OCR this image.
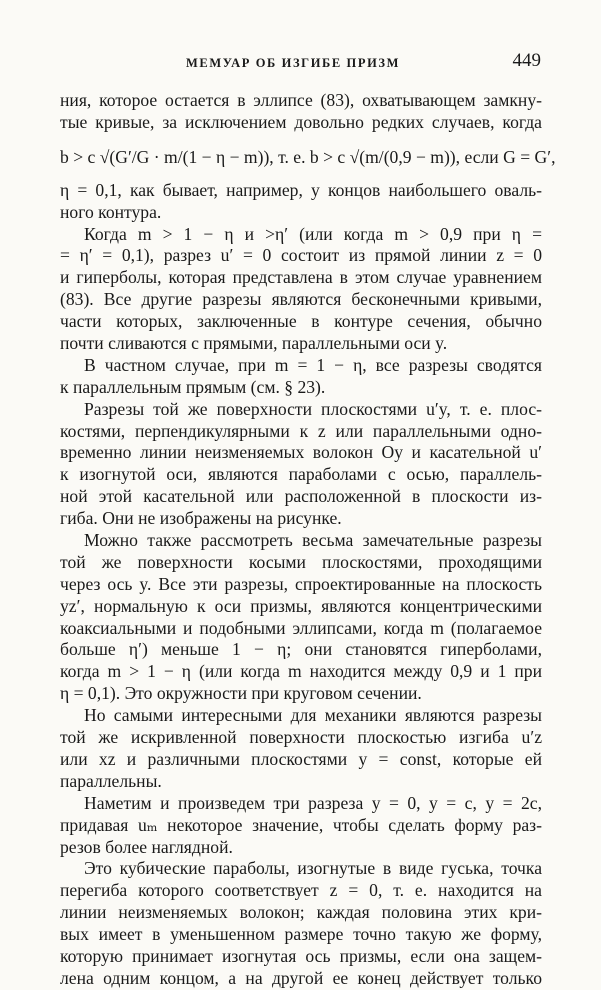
МЕМУАР ОБ ИЗГИБЕ ПРИЗМ	449
ния, которое остается в эллипсе (83), охватывающем замкну-
тые кривые, за исключением довольно редких случаев, когда
b > c √(G′/G · m/(1 − η − m)), т. е. b > c √(m/(0,9 − m)), если G = G′,
η = 0,1, как бывает, например, у концов наибольшего оваль-
ного контура.
Когда m > 1 − η и >η′ (или когда m > 0,9 при η =
= η′ = 0,1), разрез u′ = 0 состоит из прямой линии z = 0
и гиперболы, которая представлена в этом случае уравнением
(83). Все другие разрезы являются бесконечными кривыми,
части которых, заключенные в контуре сечения, обычно
почти сливаются с прямыми, параллельными оси y.
В частном случае, при m = 1 − η, все разрезы сводятся
к параллельным прямым (см. § 23).
Разрезы той же поверхности плоскостями u′y, т. е. плос-
костями, перпендикулярными к z или параллельными одно-
временно линии неизменяемых волокон Oy и касательной u′
к изогнутой оси, являются параболами с осью, параллель-
ной этой касательной или расположенной в плоскости из-
гиба. Они не изображены на рисунке.
Можно также рассмотреть весьма замечательные разрезы
той же поверхности косыми плоскостями, проходящими
через ось y. Все эти разрезы, спроектированные на плоскость
yz′, нормальную к оси призмы, являются концентрическими
коаксиальными и подобными эллипсами, когда m (полагаемое
больше η′) меньше 1 − η; они становятся гиперболами,
когда m > 1 − η (или когда m находится между 0,9 и 1 при
η = 0,1). Это окружности при круговом сечении.
Но самыми интересными для механики являются разрезы
той же искривленной поверхности плоскостью изгиба u′z
или xz и различными плоскостями y = const, которые ей
параллельны.
Наметим и произведем три разреза y = 0, y = c, y = 2c,
придавая uₘ некоторое значение, чтобы сделать форму раз-
резов более наглядной.
Это кубические параболы, изогнутые в виде гуська, точка
перегиба которого соответствует z = 0, т. е. находится на
линии неизменяемых волокон; каждая половина этих кри-
вых имеет в уменьшенном размере точно такую же форму,
которую принимает изогнутая ось призмы, если она защем-
лена одним концом, а на другой ее конец действует только
